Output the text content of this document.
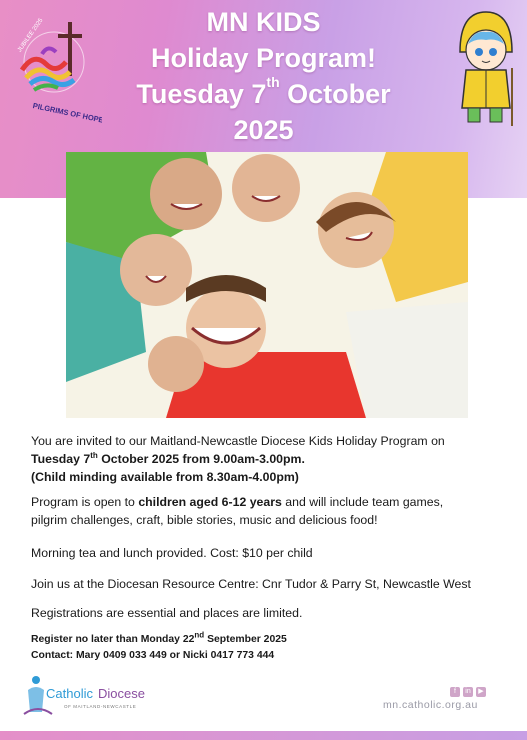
JUBILEE 2025
PILGRIMS OF HOPE
MN KIDS
Holiday Program!
Tuesday 7th October
2025
You are invited to our Maitland-Newcastle Diocese Kids Holiday Program on
Tuesday 7th October 2025 from 9.00am-3.00pm.
(Child minding available from 8.30am-4.00pm)
Program is open to children aged 6-12 years and will include team games,
pilgrim challenges, craft, bible stories, music and delicious food!
Morning tea and lunch provided. Cost: $10 per child
Join us at the Diocesan Resource Centre: Cnr Tudor & Parry St, Newcastle West
Registrations are essential and places are limited.
Register no later than Monday 22nd September 2025
Contact: Mary 0409 033 449 or Nicki 0417 773 444
Catholic Diocese
OF MAITLAND-NEWCASTLE
f in ▶
mn.catholic.org.au
